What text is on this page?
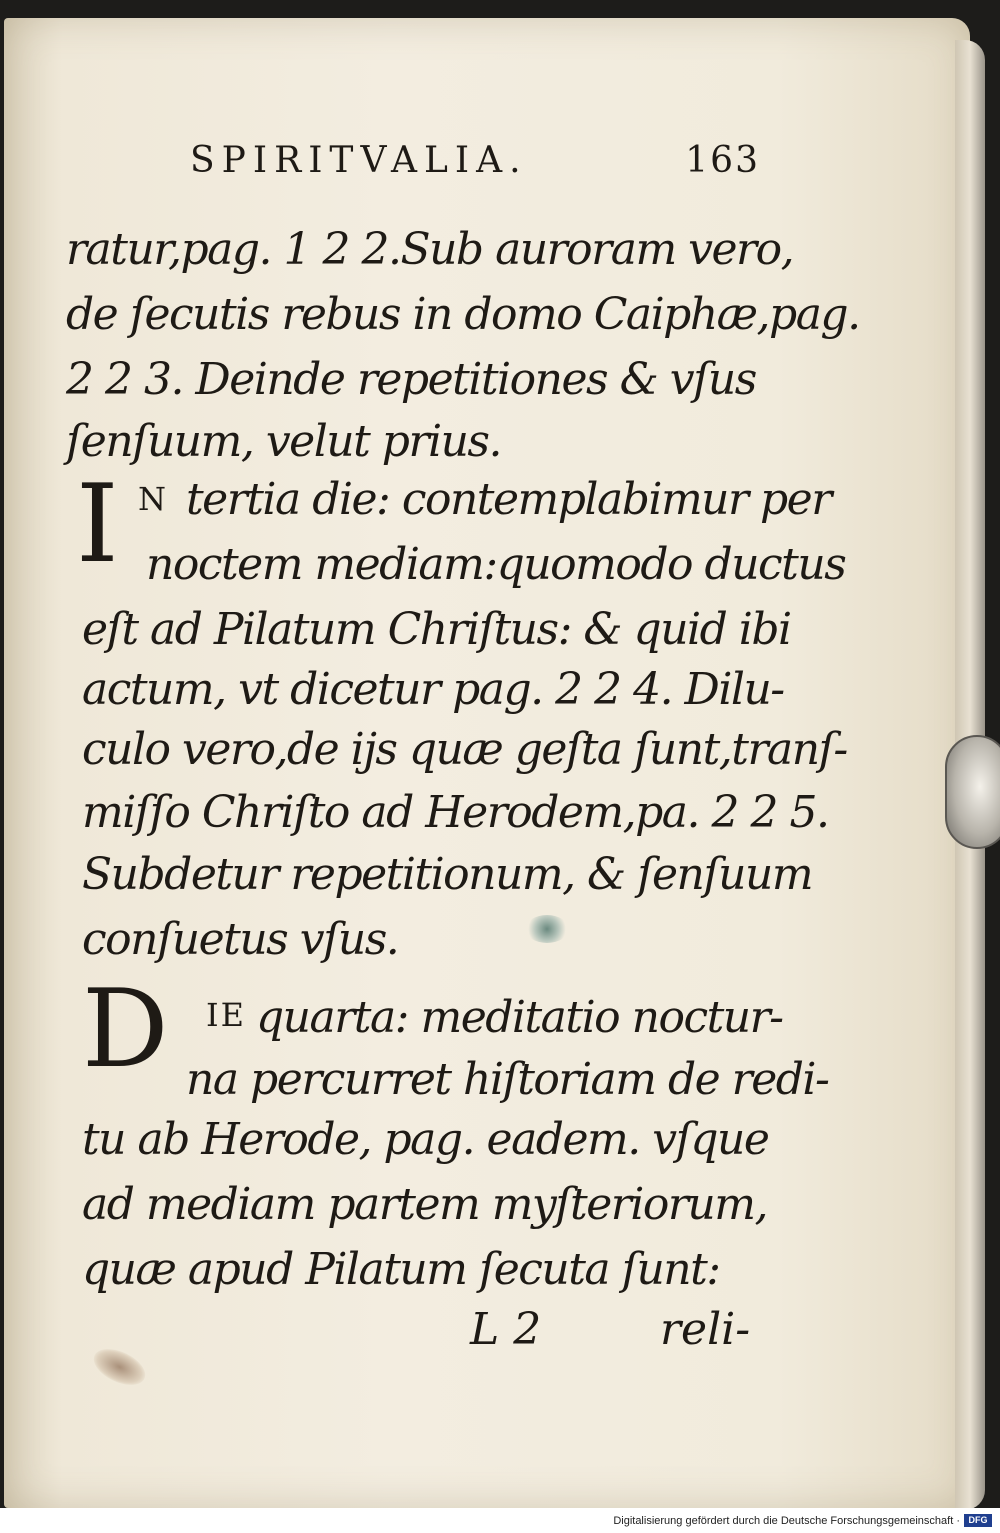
SPIRITVALIA.	163
ratur,pag. 1 2 2.Sub auroram vero,
de ſecutis rebus in domo Caiphæ,pag.
2 2 3. Deinde repetitiones & vſus
ſenſuum, velut prius.
I N tertia die: contemplabimur per
noctem mediam:quomodo ductus
eſt ad Pilatum Chriſtus: & quid ibi
actum, vt dicetur pag. 2 2 4. Dilu-
culo vero,de ijs quæ geſta ſunt,tranſ-
miſſo Chriſto ad Herodem,pa. 2 2 5.
Subdetur repetitionum, & ſenſuum
conſuetus vſus.
D IE quarta: meditatio noctur-
na percurret hiſtoriam de redi-
tu ab Herode, pag. eadem. vſque
ad mediam partem myſteriorum,
quæ apud Pilatum ſecuta ſunt:
L 2	reli-
Digitalisierung gefördert durch die Deutsche Forschungsgemeinschaft · DFG
